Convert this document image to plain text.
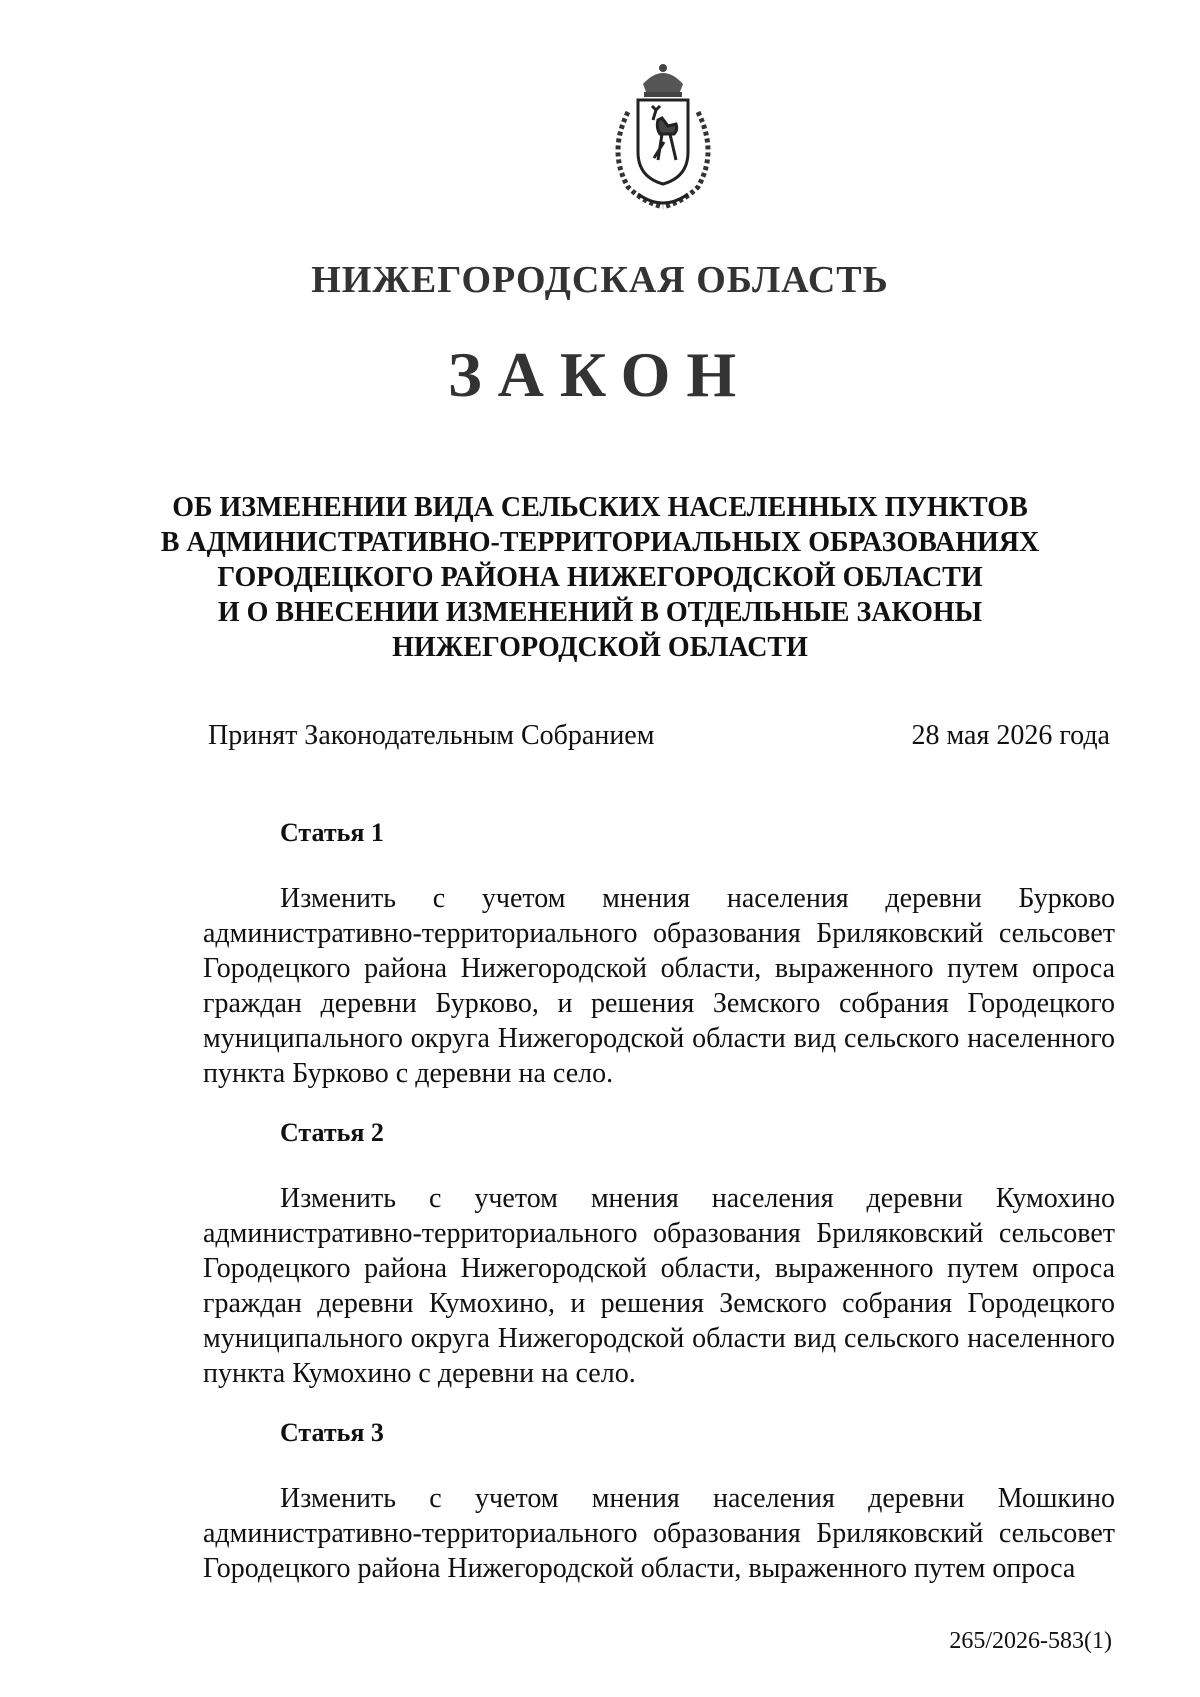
НИЖЕГОРОДСКАЯ ОБЛАСТЬ
ЗАКОН
ОБ ИЗМЕНЕНИИ ВИДА СЕЛЬСКИХ НАСЕЛЕННЫХ ПУНКТОВ
В АДМИНИСТРАТИВНО-ТЕРРИТОРИАЛЬНЫХ ОБРАЗОВАНИЯХ
ГОРОДЕЦКОГО РАЙОНА НИЖЕГОРОДСКОЙ ОБЛАСТИ
И О ВНЕСЕНИИ ИЗМЕНЕНИЙ В ОТДЕЛЬНЫЕ ЗАКОНЫ
НИЖЕГОРОДСКОЙ ОБЛАСТИ
Принят Законодательным Собранием	28 мая 2026 года
Статья 1
Изменить с учетом мнения населения деревни Бурково административно-территориального образования Бриляковский сельсовет Городецкого района Нижегородской области, выраженного путем опроса граждан деревни Бурково, и решения Земского собрания Городецкого муниципального округа Нижегородской области вид сельского населенного пункта Бурково с деревни на село.
Статья 2
Изменить с учетом мнения населения деревни Кумохино административно-территориального образования Бриляковский сельсовет Городецкого района Нижегородской области, выраженного путем опроса граждан деревни Кумохино, и решения Земского собрания Городецкого муниципального округа Нижегородской области вид сельского населенного пункта Кумохино с деревни на село.
Статья 3
Изменить с учетом мнения населения деревни Мошкино административно-территориального образования Бриляковский сельсовет Городецкого района Нижегородской области, выраженного путем опроса
265/2026-583(1)
